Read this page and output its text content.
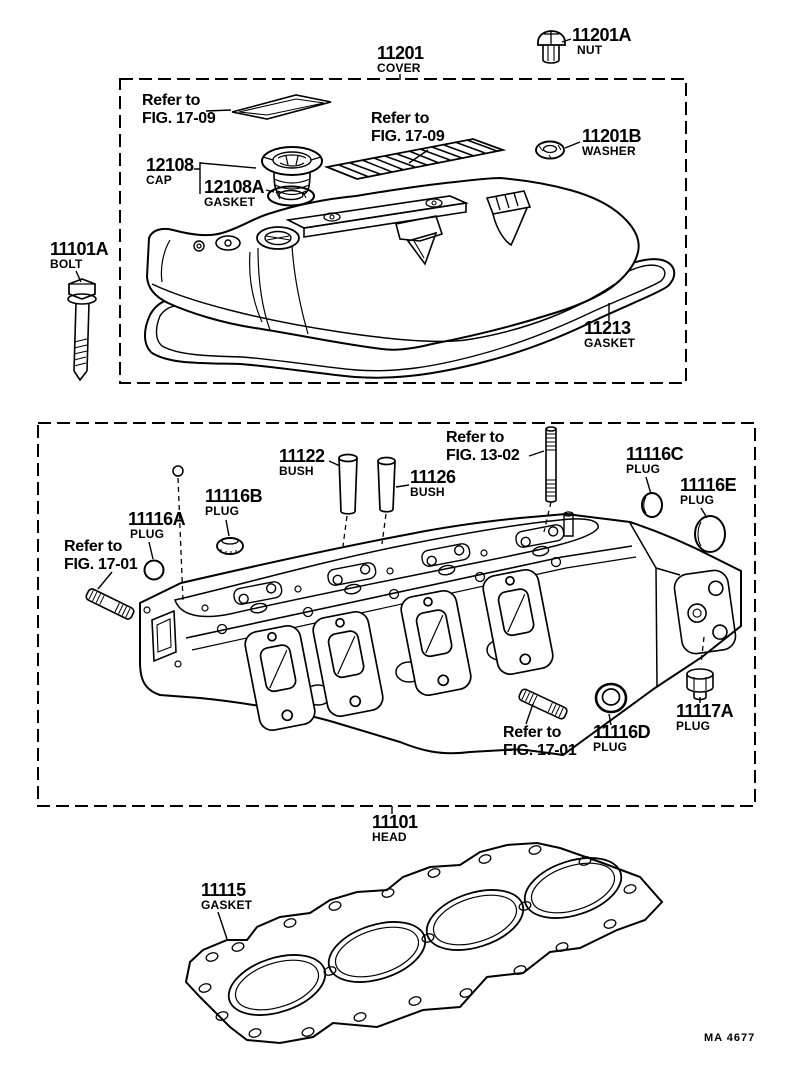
11201
COVER
11201A
NUT
Refer to
FIG. 17-09	Refer to
FIG. 17-09	11201B
WASHER
12108
CAP	12108A
GASKET
11101A
BOLT
11213
GASKET
11122
BUSH	11126
BUSH
Refer to
FIG. 13-02	11116C
PLUG
11116E
PLUG
11116B
PLUG
11116A
PLUG
Refer to
FIG. 17-01
Refer to
FIG. 17-01
11116D
PLUG
11117A
PLUG
11101
HEAD
11115
GASKET
MA 4677
